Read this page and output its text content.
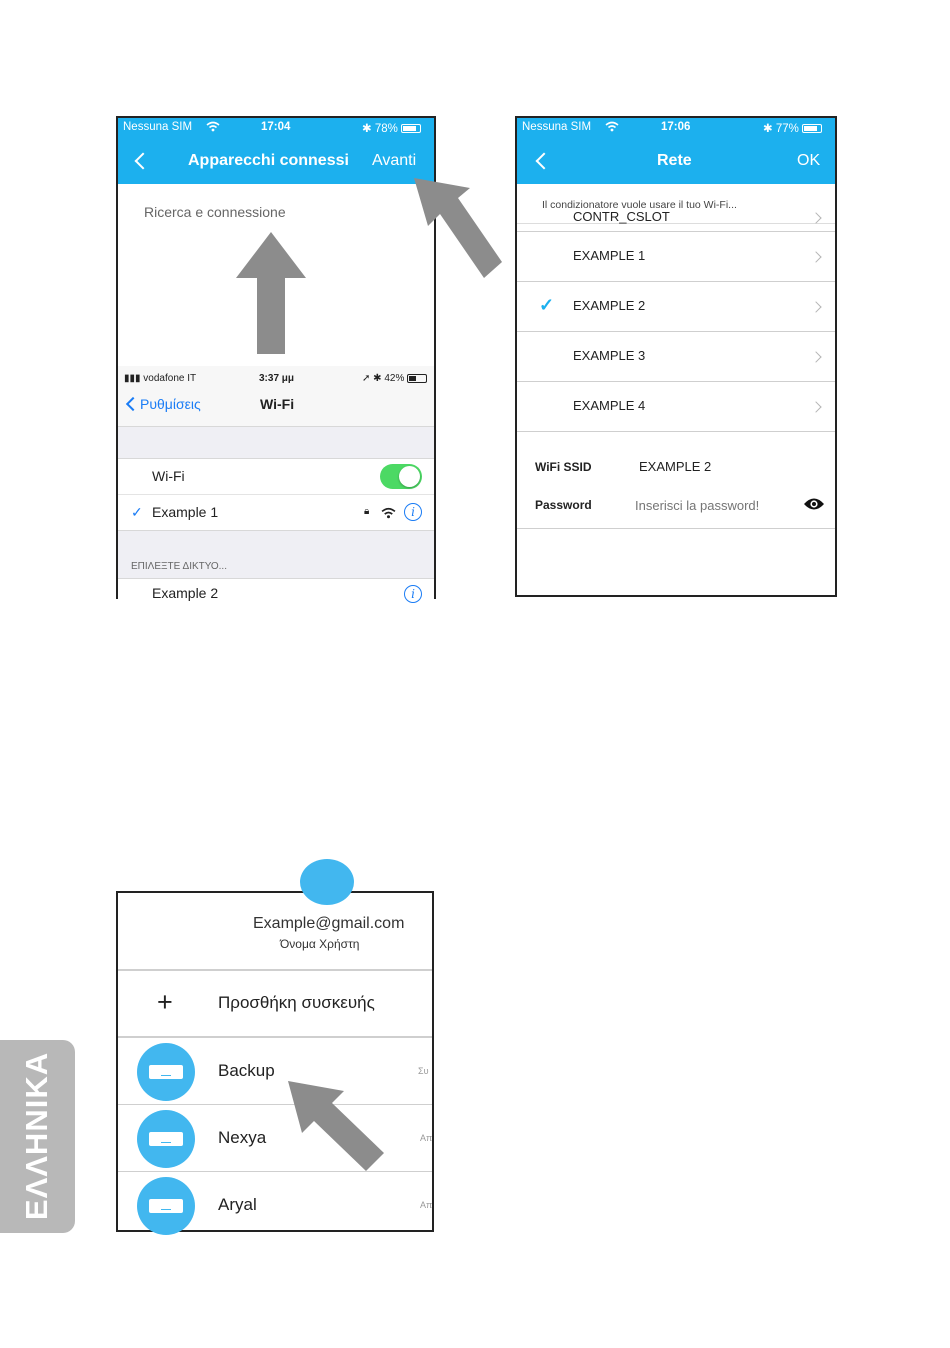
Nessuna SIM	17:04	✱ 78%
Apparecchi connessi Avanti
Ricerca e connessione
▮▮▮ vodafone IT	3:37 μμ	➚ ✱ 42%
Ρυθμίσεις	Wi-Fi
Wi-Fi
✓ Example 1	🔒︎	i
ΕΠΙΛΕΞΤΕ ΔΙΚΤΥΟ...
Example 2	i
Nessuna SIM	17:06	✱ 77%
Rete	OK
Il condizionatore vuole usare il tuo Wi-Fi...
CONTR_CSLOT
EXAMPLE 1
✓ EXAMPLE 2
EXAMPLE 3
EXAMPLE 4
WiFi SSID	EXAMPLE 2
Password
Example@gmail.com
Όνομα Χρήστη
+	Προσθήκη συσκευής
Backup	Συ
Nexya	Απ
Aryal	Απ
ΕΛΛΗΝΙΚΑ
